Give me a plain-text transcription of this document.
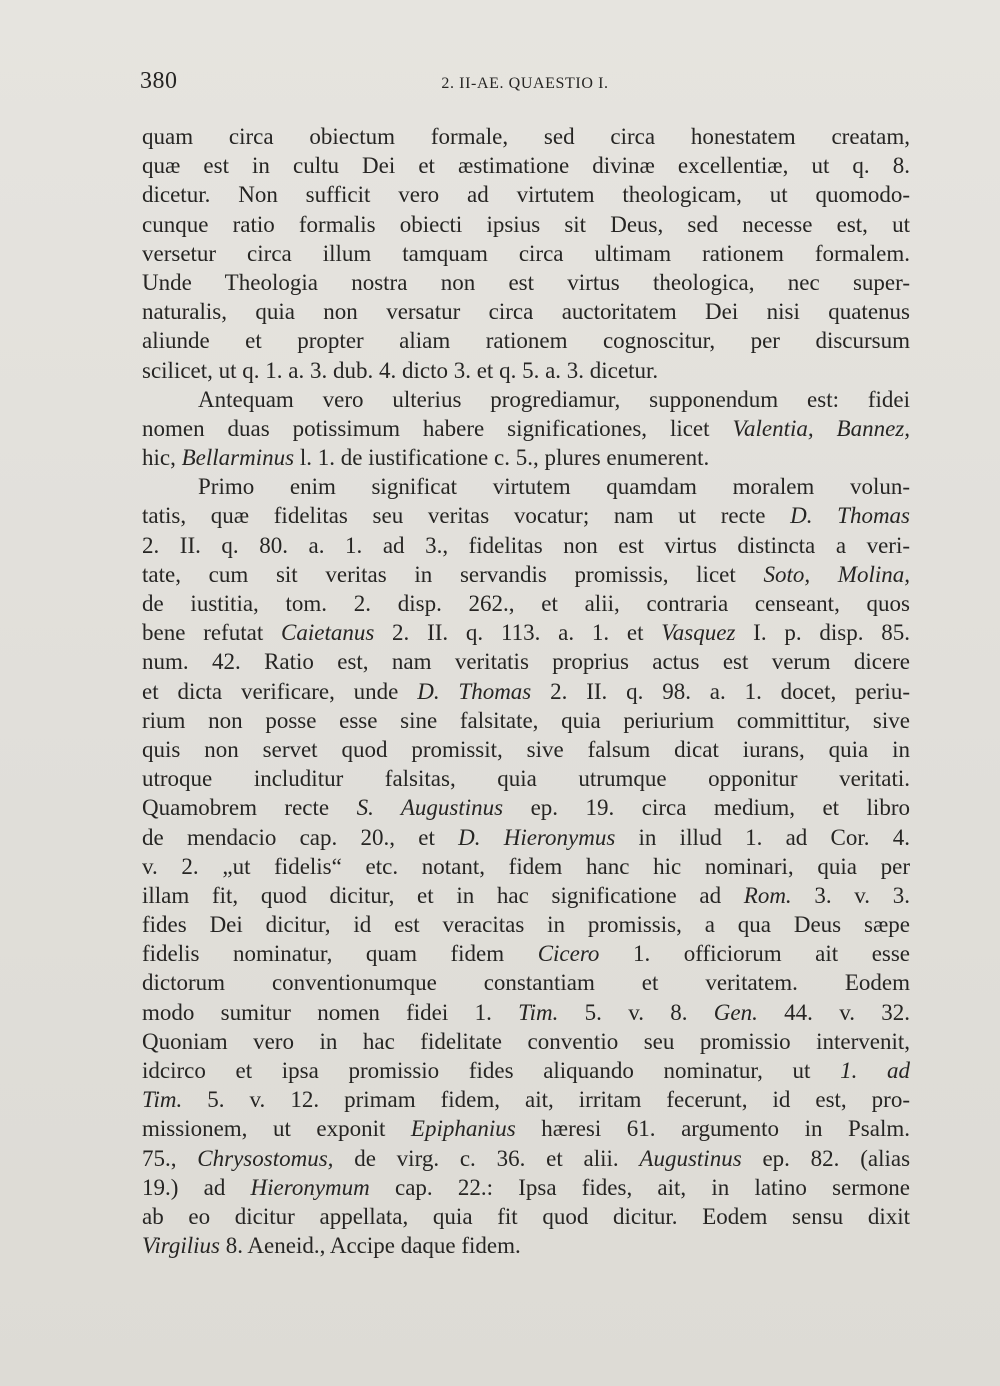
380	2. II-AE. QUAESTIO I.
quam circa obiectum formale, sed circa honestatem creatam,
quæ est in cultu Dei et æstimatione divinæ excellentiæ, ut q. 8.
dicetur. Non sufficit vero ad virtutem theologicam, ut quomodo-
cunque ratio formalis obiecti ipsius sit Deus, sed necesse est, ut
versetur circa illum tamquam circa ultimam rationem formalem.
Unde Theologia nostra non est virtus theologica, nec super-
naturalis, quia non versatur circa auctoritatem Dei nisi quatenus
aliunde et propter aliam rationem cognoscitur, per discursum
scilicet, ut q. 1. a. 3. dub. 4. dicto 3. et q. 5. a. 3. dicetur.
Antequam vero ulterius progrediamur, supponendum est: fidei
nomen duas potissimum habere significationes, licet Valentia, Bannez,
hic, Bellarminus l. 1. de iustificatione c. 5., plures enumerent.
Primo enim significat virtutem quamdam moralem volun-
tatis, quæ fidelitas seu veritas vocatur; nam ut recte D. Thomas
2. II. q. 80. a. 1. ad 3., fidelitas non est virtus distincta a veri-
tate, cum sit veritas in servandis promissis, licet Soto, Molina,
de iustitia, tom. 2. disp. 262., et alii, contraria censeant, quos
bene refutat Caietanus 2. II. q. 113. a. 1. et Vasquez I. p. disp. 85.
num. 42. Ratio est, nam veritatis proprius actus est verum dicere
et dicta verificare, unde D. Thomas 2. II. q. 98. a. 1. docet, periu-
rium non posse esse sine falsitate, quia periurium committitur, sive
quis non servet quod promissit, sive falsum dicat iurans, quia in
utroque includitur falsitas, quia utrumque opponitur veritati.
Quamobrem recte S. Augustinus ep. 19. circa medium, et libro
de mendacio cap. 20., et D. Hieronymus in illud 1. ad Cor. 4.
v. 2. „ut fidelis“ etc. notant, fidem hanc hic nominari, quia per
illam fit, quod dicitur, et in hac significatione ad Rom. 3. v. 3.
fides Dei dicitur, id est veracitas in promissis, a qua Deus sæpe
fidelis nominatur, quam fidem Cicero 1. officiorum ait esse
dictorum conventionumque constantiam et veritatem. Eodem
modo sumitur nomen fidei 1. Tim. 5. v. 8. Gen. 44. v. 32.
Quoniam vero in hac fidelitate conventio seu promissio intervenit,
idcirco et ipsa promissio fides aliquando nominatur, ut 1. ad
Tim. 5. v. 12. primam fidem, ait, irritam fecerunt, id est, pro-
missionem, ut exponit Epiphanius hæresi 61. argumento in Psalm.
75., Chrysostomus, de virg. c. 36. et alii. Augustinus ep. 82. (alias
19.) ad Hieronymum cap. 22.: Ipsa fides, ait, in latino sermone
ab eo dicitur appellata, quia fit quod dicitur. Eodem sensu dixit
Virgilius 8. Aeneid., Accipe daque fidem.
